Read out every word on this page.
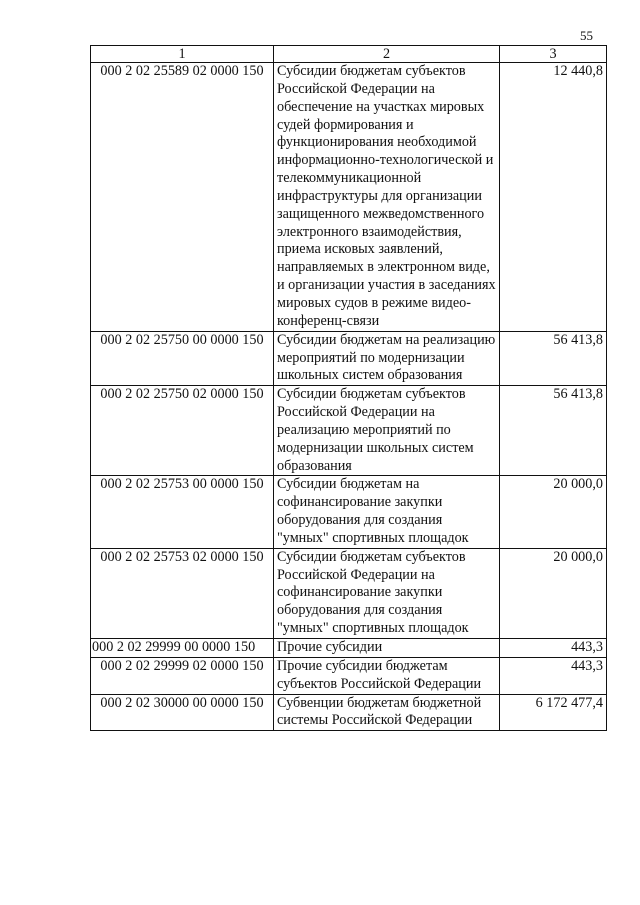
55
1	2	3
000 2 02 25589 02 0000 150	Субсидии бюджетам субъектов Российской Федерации на обеспечение на участках мировых судей формирования и функционирования необходимой информационно-технологической и телекоммуникационной инфраструктуры для организации защищенного межведомственного электронного взаимодействия, приема исковых заявлений, направляемых в электронном виде, и организации участия в заседаниях мировых судов в режиме видео-конференц-связи	12 440,8
000 2 02 25750 00 0000 150	Субсидии бюджетам на реализацию мероприятий по модернизации школьных систем образования	56 413,8
000 2 02 25750 02 0000 150	Субсидии бюджетам субъектов Российской Федерации на реализацию мероприятий по модернизации школьных систем образования	56 413,8
000 2 02 25753 00 0000 150	Субсидии бюджетам на софинансирование закупки оборудования для создания "умных" спортивных площадок	20 000,0
000 2 02 25753 02 0000 150	Субсидии бюджетам субъектов Российской Федерации на софинансирование закупки оборудования для создания "умных" спортивных площадок	20 000,0
000 2 02 29999 00 0000 150	Прочие субсидии	443,3
000 2 02 29999 02 0000 150	Прочие субсидии бюджетам субъектов Российской Федерации	443,3
000 2 02 30000 00 0000 150	Субвенции бюджетам бюджетной системы Российской Федерации	6 172 477,4
